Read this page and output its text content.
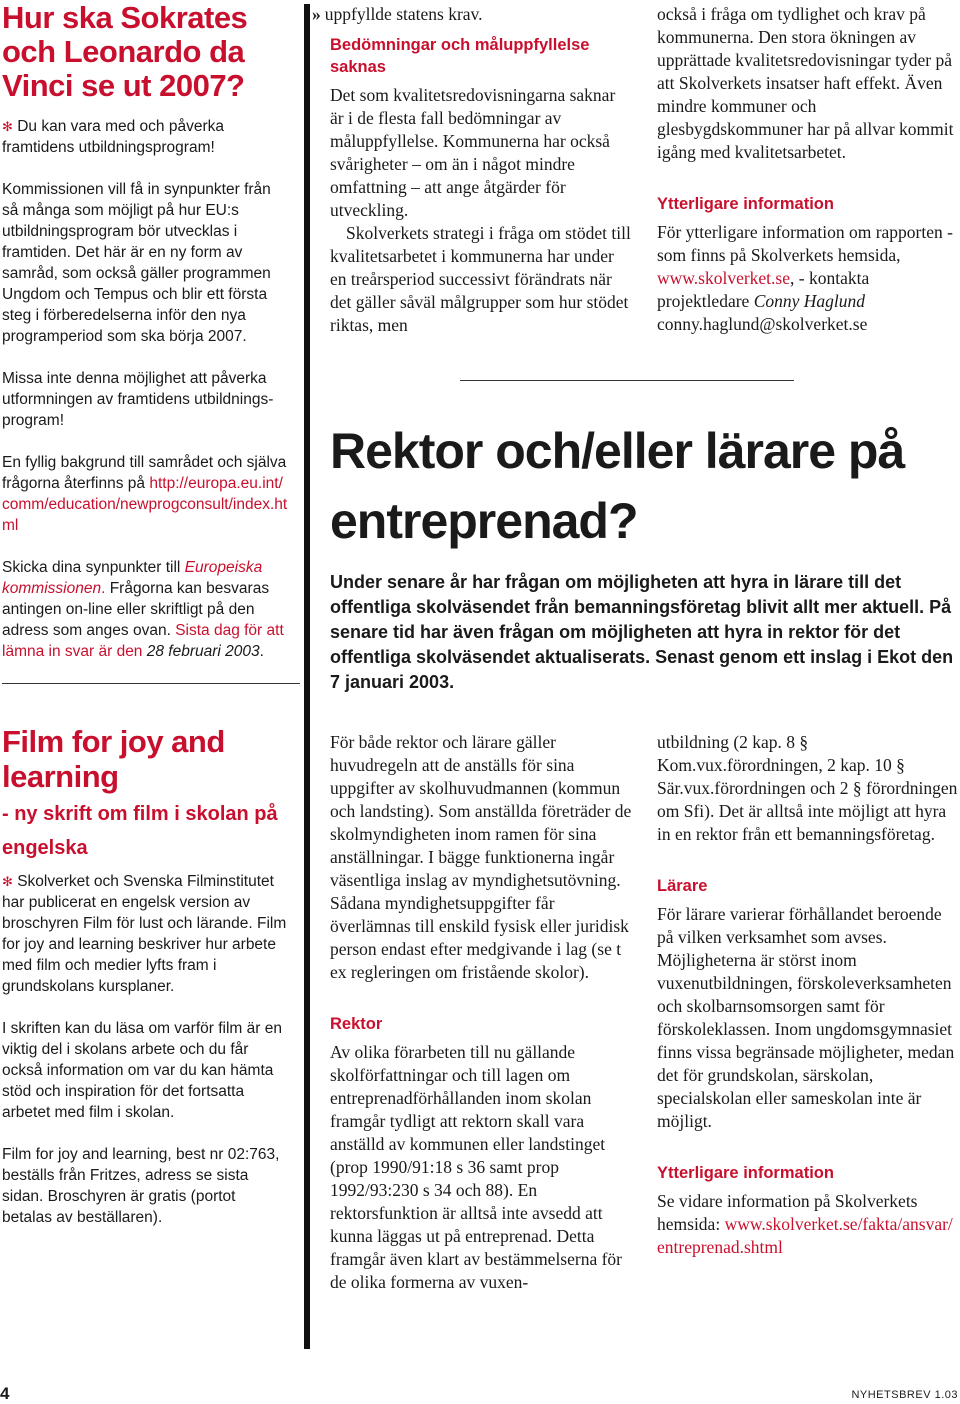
Hur ska Sokrates och Leonardo da Vinci se ut 2007?

✻ Du kan vara med och påverka framtidens utbildningsprogram!

Kommissionen vill få in synpunkter från så många som möjligt på hur EU:s utbildningsprogram bör utvecklas i framtiden. Det här är en ny form av samråd, som också gäller programmen Ungdom och Tempus och blir ett första steg i förberedelserna inför den nya programperiod som ska börja 2007.

Missa inte denna möjlighet att påverka utformningen av framtidens utbildnings-program!

En fyllig bakgrund till samrådet och själva frågorna återfinns på http://europa.eu.int/comm/education/newprogconsult/index.html

Skicka dina synpunkter till Europeiska kommissionen. Frågorna kan besvaras antingen on-line eller skriftligt på den adress som anges ovan. Sista dag för att lämna in svar är den 28 februari 2003.

Film for joy and learning

- ny skrift om film i skolan på engelska

✻ Skolverket och Svenska Filminstitutet har publicerat en engelsk version av broschyren Film för lust och lärande. Film for joy and learning beskriver hur arbete med film och medier lyfts fram i grundskolans kursplaner.

I skriften kan du läsa om varför film är en viktig del i skolans arbete och du får också information om var du kan hämta stöd och inspiration för det fortsatta arbetet med film i skolan.

Film for joy and learning, best nr 02:763, beställs från Fritzes, adress se sista sidan. Broschyren är gratis (portot betalas av beställaren).

» uppfyllde statens krav.

Bedömningar och måluppfyllelse saknas

Det som kvalitetsredovisningarna saknar är i de flesta fall bedömningar av måluppfyllelse. Kommunerna har också svårigheter – om än i något mindre omfattning – att ange åtgärder för utveckling.

Skolverkets strategi i fråga om stödet till kvalitetsarbetet i kommunerna har under en treårsperiod successivt förändrats när det gäller såväl målgrupper som hur stödet riktas, men

också i fråga om tydlighet och krav på kommunerna. Den stora ökningen av upprättade kvalitetsredovisningar tyder på att Skolverkets insatser haft effekt. Även mindre kommuner och glesbygdskommuner har på allvar kommit igång med kvalitetsarbetet.

Ytterligare information

För ytterligare information om rapporten - som finns på Skolverkets hemsida, www.skolverket.se, - kontakta projektledare Conny Haglund conny.haglund@skolverket.se

Rektor och/eller lärare på entreprenad?

Under senare år har frågan om möjligheten att hyra in lärare till det offentliga skolväsendet från bemanningsföretag blivit allt mer aktuell. På senare tid har även frågan om möjligheten att hyra in rektor för det offentliga skolväsendet aktualiserats. Senast genom ett inslag i Ekot den 7 januari 2003.

För både rektor och lärare gäller huvudregeln att de anställs för sina uppgifter av skolhuvudmannen (kommun och landsting). Som anställda företräder de skolmyndigheten inom ramen för sina anställningar. I bägge funktionerna ingår väsentliga inslag av myndighetsutövning. Sådana myndighetsuppgifter får överlämnas till enskild fysisk eller juridisk person endast efter medgivande i lag (se t ex regleringen om fristående skolor).

Rektor

Av olika förarbeten till nu gällande skolförfattningar och till lagen om entreprenadförhållanden inom skolan framgår tydligt att rektorn skall vara anställd av kommunen eller landstinget (prop 1990/91:18 s 36 samt prop 1992/93:230 s 34 och 88). En rektorsfunktion är alltså inte avsedd att kunna läggas ut på entreprenad. Detta framgår även klart av bestämmelserna för de olika formerna av vuxen-

utbildning (2 kap. 8 § Kom.vux.förordningen, 2 kap. 10 § Sär.vux.förordningen och 2 § förordningen om Sfi). Det är alltså inte möjligt att hyra in en rektor från ett bemanningsföretag.

Lärare

För lärare varierar förhållandet beroende på vilken verksamhet som avses. Möjligheterna är störst inom vuxenutbildningen, förskoleverksamheten och skolbarnsomsorgen samt för förskoleklassen. Inom ungdomsgymnasiet finns vissa begränsade möjligheter, medan det för grundskolan, särskolan, specialskolan eller sameskolan inte är möjligt.

Ytterligare information

Se vidare information på Skolverkets hemsida: www.skolverket.se/fakta/ansvar/entreprenad.shtml

4	NYHETSBREV 1.03
